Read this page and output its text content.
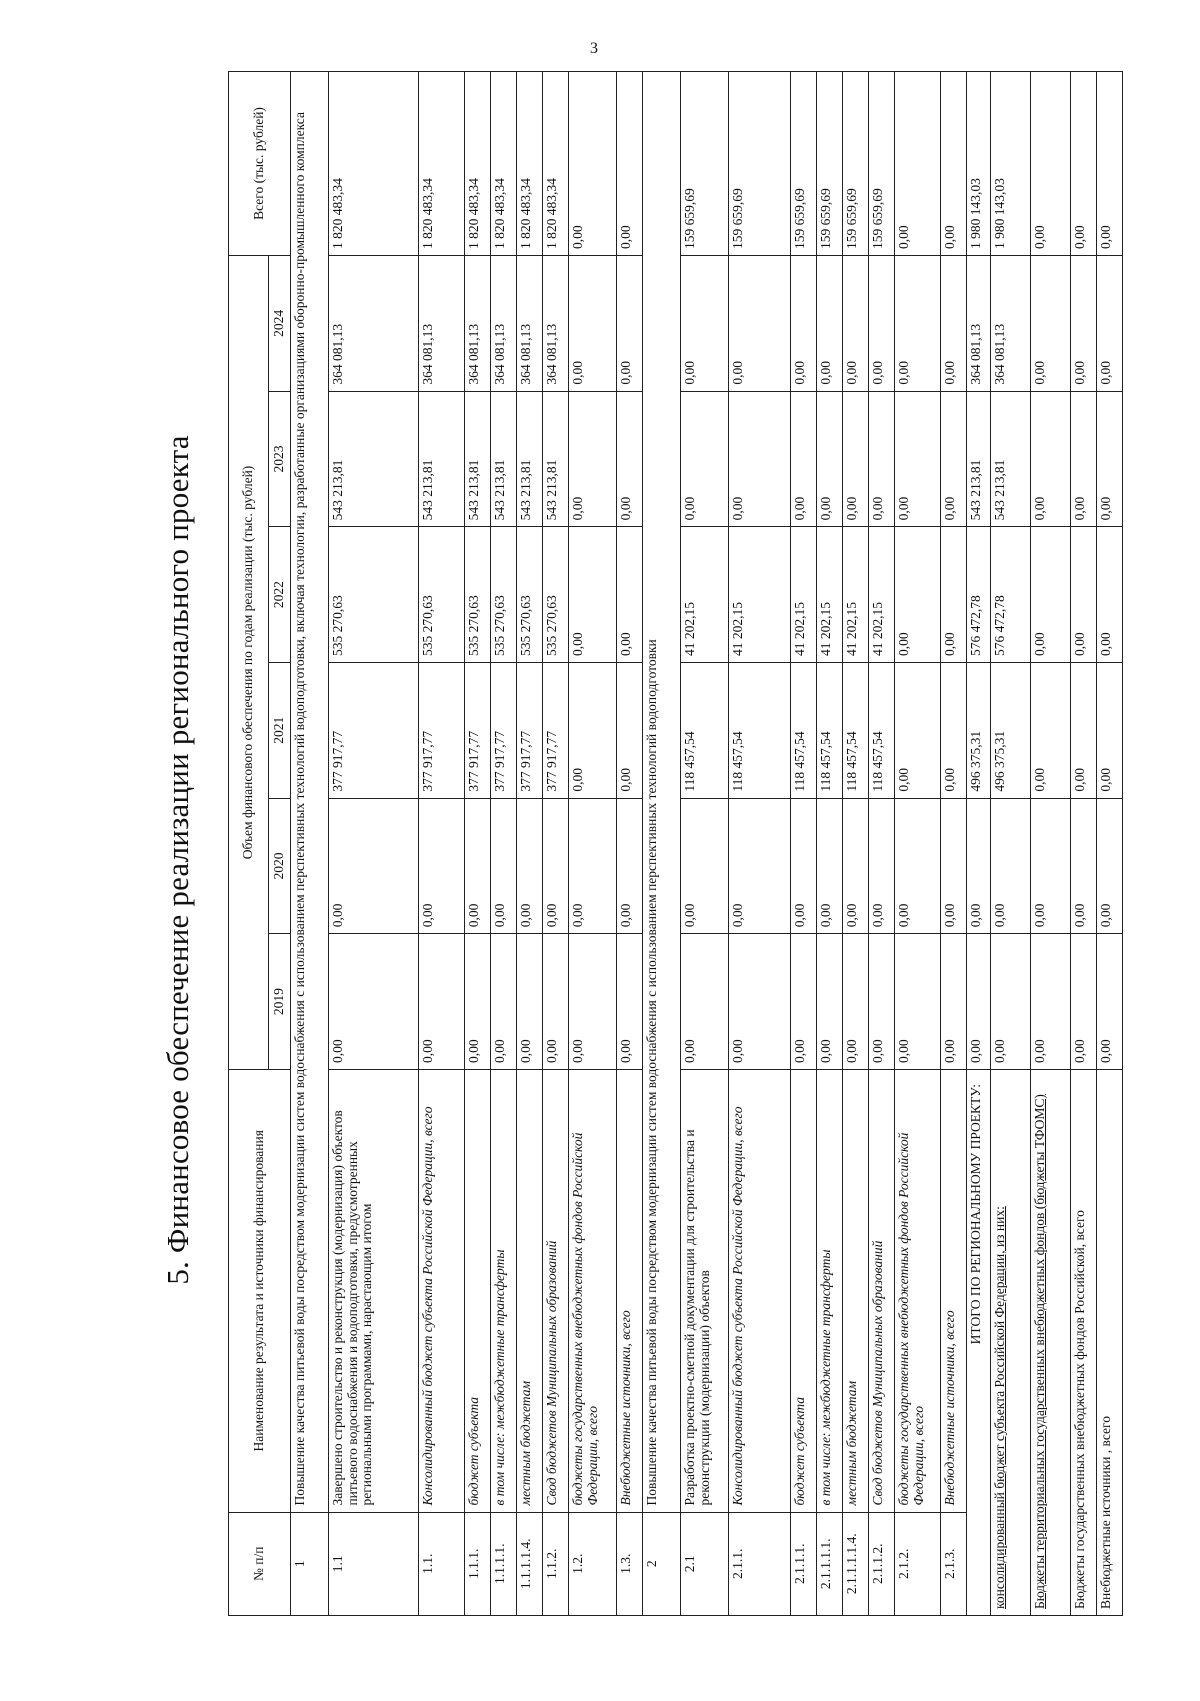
3
5. Финансовое обеспечение реализации регионального проекта
№ п/п	Наименование результата и источники финансирования	Объем финансового обеспечения по годам реализации (тыс. рублей)						Всего (тыс. рублей)
		2019	2020	2021	2022	2023	2024	
1	Повышение качества питьевой воды посредством модернизации систем водоснабжения с использованием перспективных технологий водоподготовки, включая технологии, разработанные организациями оборонно-промышленного комплекса							
1.1	Завершено строительство и реконструкция (модернизация) объектов питьевого водоснабжения и водоподготовки, предусмотренных региональными программами, нарастающим итогом	0,00	0,00	377 917,77	535 270,63	543 213,81	364 081,13	1 820 483,34
1.1.	Консолидированный бюджет субъекта Российской Федерации, всего	0,00	0,00	377 917,77	535 270,63	543 213,81	364 081,13	1 820 483,34
1.1.1.	бюджет субъекта	0,00	0,00	377 917,77	535 270,63	543 213,81	364 081,13	1 820 483,34
1.1.1.1.	в том числе: межбюджетные трансферты	0,00	0,00	377 917,77	535 270,63	543 213,81	364 081,13	1 820 483,34
1.1.1.1.4.	местным бюджетам	0,00	0,00	377 917,77	535 270,63	543 213,81	364 081,13	1 820 483,34
1.1.2.	Свод бюджетов Муниципальных образований	0,00	0,00	377 917,77	535 270,63	543 213,81	364 081,13	1 820 483,34
1.2.	бюджеты государственных внебюджетных фондов Российской Федерации, всего	0,00	0,00	0,00	0,00	0,00	0,00	0,00
1.3.	Внебюджетные источники, всего	0,00	0,00	0,00	0,00	0,00	0,00	0,00
2	Повышение качества питьевой воды посредством модернизации систем водоснабжения с использованием перспективных технологий водоподготовки							
2.1	Разработка проектно-сметной документации для строительства и реконструкции (модернизации) объектов	0,00	0,00	118 457,54	41 202,15	0,00	0,00	159 659,69
2.1.1.	Консолидированный бюджет субъекта Российской Федерации, всего	0,00	0,00	118 457,54	41 202,15	0,00	0,00	159 659,69
2.1.1.1.	бюджет субъекта	0,00	0,00	118 457,54	41 202,15	0,00	0,00	159 659,69
2.1.1.1.1.	в том числе: межбюджетные трансферты	0,00	0,00	118 457,54	41 202,15	0,00	0,00	159 659,69
2.1.1.1.1.4.	местным бюджетам	0,00	0,00	118 457,54	41 202,15	0,00	0,00	159 659,69
2.1.1.2.	Свод бюджетов Муниципальных образований	0,00	0,00	118 457,54	41 202,15	0,00	0,00	159 659,69
2.1.2.	бюджеты государственных внебюджетных фондов Российской Федерации, всего	0,00	0,00	0,00	0,00	0,00	0,00	0,00
2.1.3.	Внебюджетные источники, всего	0,00	0,00	0,00	0,00	0,00	0,00	0,00
ИТОГО ПО РЕГИОНАЛЬНОМУ ПРОЕКТУ:		0,00	0,00	496 375,31	576 472,78	543 213,81	364 081,13	1 980 143,03
консолидированный бюджет субъекта Российской Федерации, из них:		0,00	0,00	496 375,31	576 472,78	543 213,81	364 081,13	1 980 143,03
Бюджеты территориальных государственных внебюджетных фондов (бюджеты ТФОМС)		0,00	0,00	0,00	0,00	0,00	0,00	0,00
Бюджеты государственных внебюджетных фондов Российской, всего		0,00	0,00	0,00	0,00	0,00	0,00	0,00
Внебюджетные источники , всего		0,00	0,00	0,00	0,00	0,00	0,00	0,00
